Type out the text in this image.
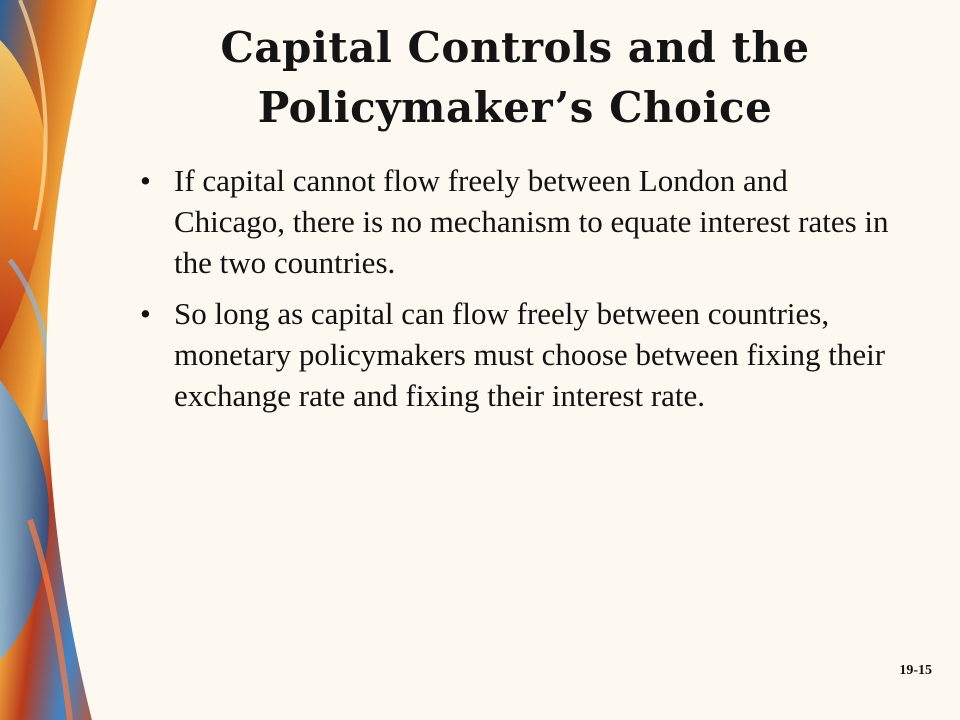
Capital Controls and the
Policymaker’s Choice
• If capital cannot flow freely between London and Chicago, there is no mechanism to equate interest rates in the two countries.
• So long as capital can flow freely between countries, monetary policymakers must choose between fixing their exchange rate and fixing their interest rate.
19-15
